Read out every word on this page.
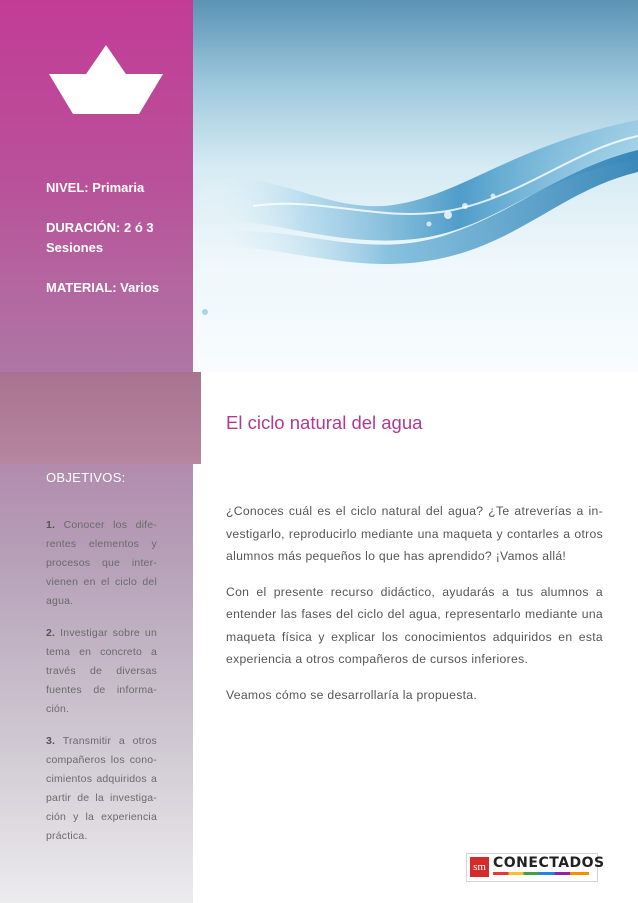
NIVEL: Primaria
DURACIÓN: 2 ó 3 Sesiones
MATERIAL: Varios
OBJETIVOS:
1. Conocer los dife-rentes elementos y procesos que inter-vienen en el ciclo del agua.
2. Investigar sobre un tema en concreto a través de diversas fuentes de informa-ción.
3. Transmitir a otros compañeros los cono-cimientos adquiridos a partir de la investiga-ción y la experiencia práctica.
El ciclo natural del agua

¿Conoces cuál es el ciclo natural del agua? ¿Te atreverías a in-vestigarlo, reproducirlo mediante una maqueta y contarles a otros alumnos más pequeños lo que has aprendido? ¡Vamos allá!

Con el presente recurso didáctico, ayudarás a tus alumnos a entender las fases del ciclo del agua, representarlo mediante una maqueta física y explicar los conocimientos adquiridos en esta experiencia a otros compañeros de cursos inferiores.

Veamos cómo se desarrollaría la propuesta.

sm CONECTADOS
